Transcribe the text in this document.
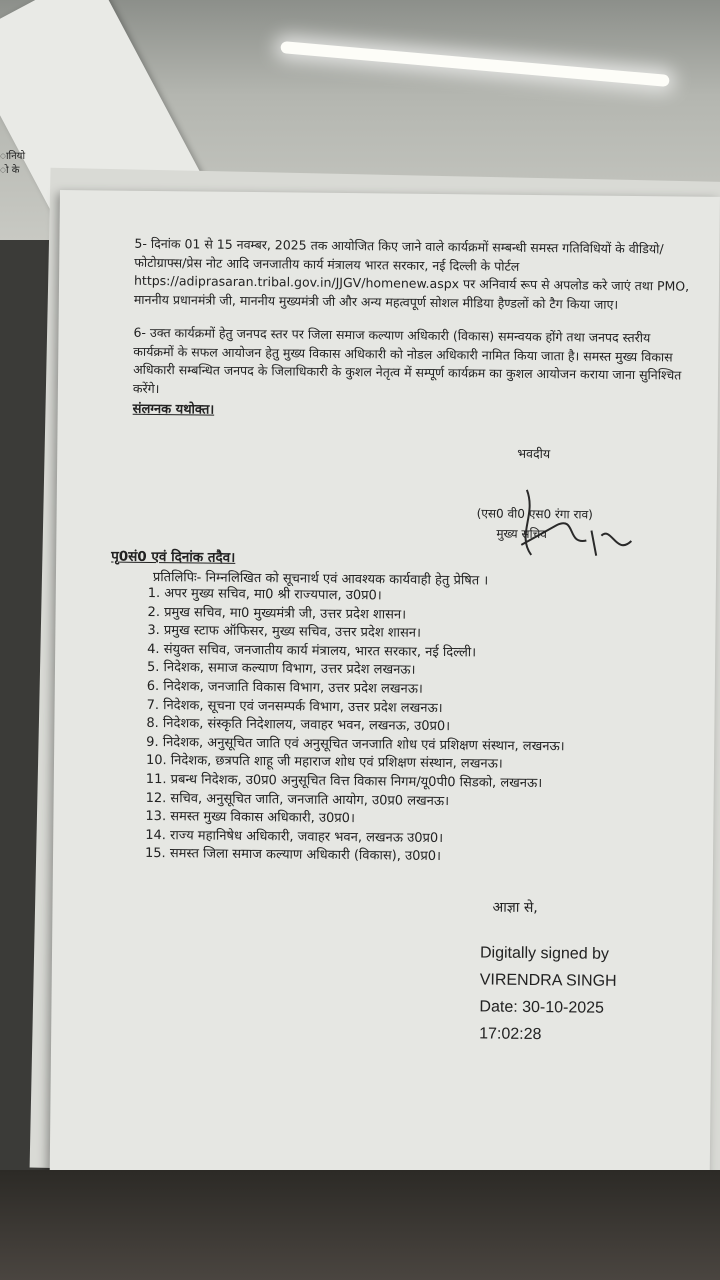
ानियो ो के
5- दिनांक 01 से 15 नवम्बर, 2025 तक आयोजित किए जाने वाले कार्यक्रमों सम्बन्धी समस्त गतिविधियों के वीडियो/फोटोग्राफ्स/प्रेस नोट आदि जनजातीय कार्य मंत्रालय भारत सरकार, नई दिल्ली के पोर्टल https://adiprasaran.tribal.gov.in/JJGV/homenew.aspx पर अनिवार्य रूप से अपलोड करे जाएं तथा PMO, माननीय प्रधानमंत्री जी, माननीय मुख्यमंत्री जी और अन्य महत्वपूर्ण सोशल मीडिया हैण्डलों को टैग किया जाए।
6- उक्त कार्यक्रमों हेतु जनपद स्तर पर जिला समाज कल्याण अधिकारी (विकास) समन्वयक होंगे तथा जनपद स्तरीय कार्यक्रमों के सफल आयोजन हेतु मुख्य विकास अधिकारी को नोडल अधिकारी नामित किया जाता है। समस्त मुख्य विकास अधिकारी सम्बन्धित जनपद के जिलाधिकारी के कुशल नेतृत्व में सम्पूर्ण कार्यक्रम का कुशल आयोजन कराया जाना सुनिश्चित करेंगे।
संलग्नक यथोक्त।
भवदीय
(एस0 वी0 एस0 रंगा राव)
मुख्य सचिव
पृ0सं0 एवं दिनांक तदैव।
प्रतिलिपिः- निम्नलिखित को सूचनार्थ एवं आवश्यक कार्यवाही हेतु प्रेषित ।
1. अपर मुख्य सचिव, मा0 श्री राज्यपाल, उ0प्र0।
2. प्रमुख सचिव, मा0 मुख्यमंत्री जी, उत्तर प्रदेश शासन।
3. प्रमुख स्टाफ ऑफिसर, मुख्य सचिव, उत्तर प्रदेश शासन।
4. संयुक्त सचिव, जनजातीय कार्य मंत्रालय, भारत सरकार, नई दिल्ली।
5. निदेशक, समाज कल्याण विभाग, उत्तर प्रदेश लखनऊ।
6. निदेशक, जनजाति विकास विभाग, उत्तर प्रदेश लखनऊ।
7. निदेशक, सूचना एवं जनसम्पर्क विभाग, उत्तर प्रदेश लखनऊ।
8. निदेशक, संस्कृति निदेशालय, जवाहर भवन, लखनऊ, उ0प्र0।
9. निदेशक, अनुसूचित जाति एवं अनुसूचित जनजाति शोध एवं प्रशिक्षण संस्थान, लखनऊ।
10. निदेशक, छत्रपति शाहू जी महाराज शोध एवं प्रशिक्षण संस्थान, लखनऊ।
11. प्रबन्ध निदेशक, उ0प्र0 अनुसूचित वित्त विकास निगम/यू0पी0 सिडको, लखनऊ।
12. सचिव, अनुसूचित जाति, जनजाति आयोग, उ0प्र0 लखनऊ।
13. समस्त मुख्य विकास अधिकारी, उ0प्र0।
14. राज्य महानिषेध अधिकारी, जवाहर भवन, लखनऊ उ0प्र0।
15. समस्त जिला समाज कल्याण अधिकारी (विकास), उ0प्र0।
आज्ञा से,
Digitally signed by
VIRENDRA SINGH
Date: 30-10-2025
17:02:28
